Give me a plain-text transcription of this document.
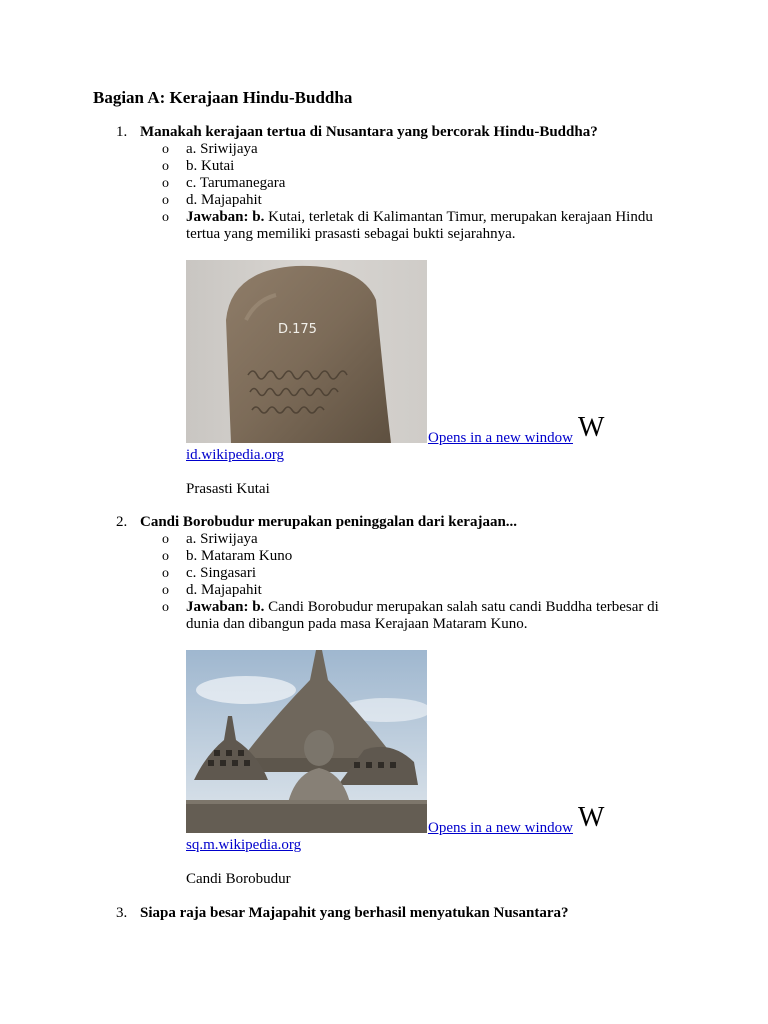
Bagian A: Kerajaan Hindu-Buddha
1. Manakah kerajaan tertua di Nusantara yang bercorak Hindu-Buddha?
o a. Sriwijaya
o b. Kutai
o c. Tarumanegara
o d. Majapahit
o Jawaban: b. Kutai, terletak di Kalimantan Timur, merupakan kerajaan Hindu tertua yang memiliki prasasti sebagai bukti sejarahnya.
D.175
Opens in a new window W
id.wikipedia.org
Prasasti Kutai
2. Candi Borobudur merupakan peninggalan dari kerajaan...
o a. Sriwijaya
o b. Mataram Kuno
o c. Singasari
o d. Majapahit
o Jawaban: b. Candi Borobudur merupakan salah satu candi Buddha terbesar di dunia dan dibangun pada masa Kerajaan Mataram Kuno.
Opens in a new window W
sq.m.wikipedia.org
Candi Borobudur
3. Siapa raja besar Majapahit yang berhasil menyatukan Nusantara?
